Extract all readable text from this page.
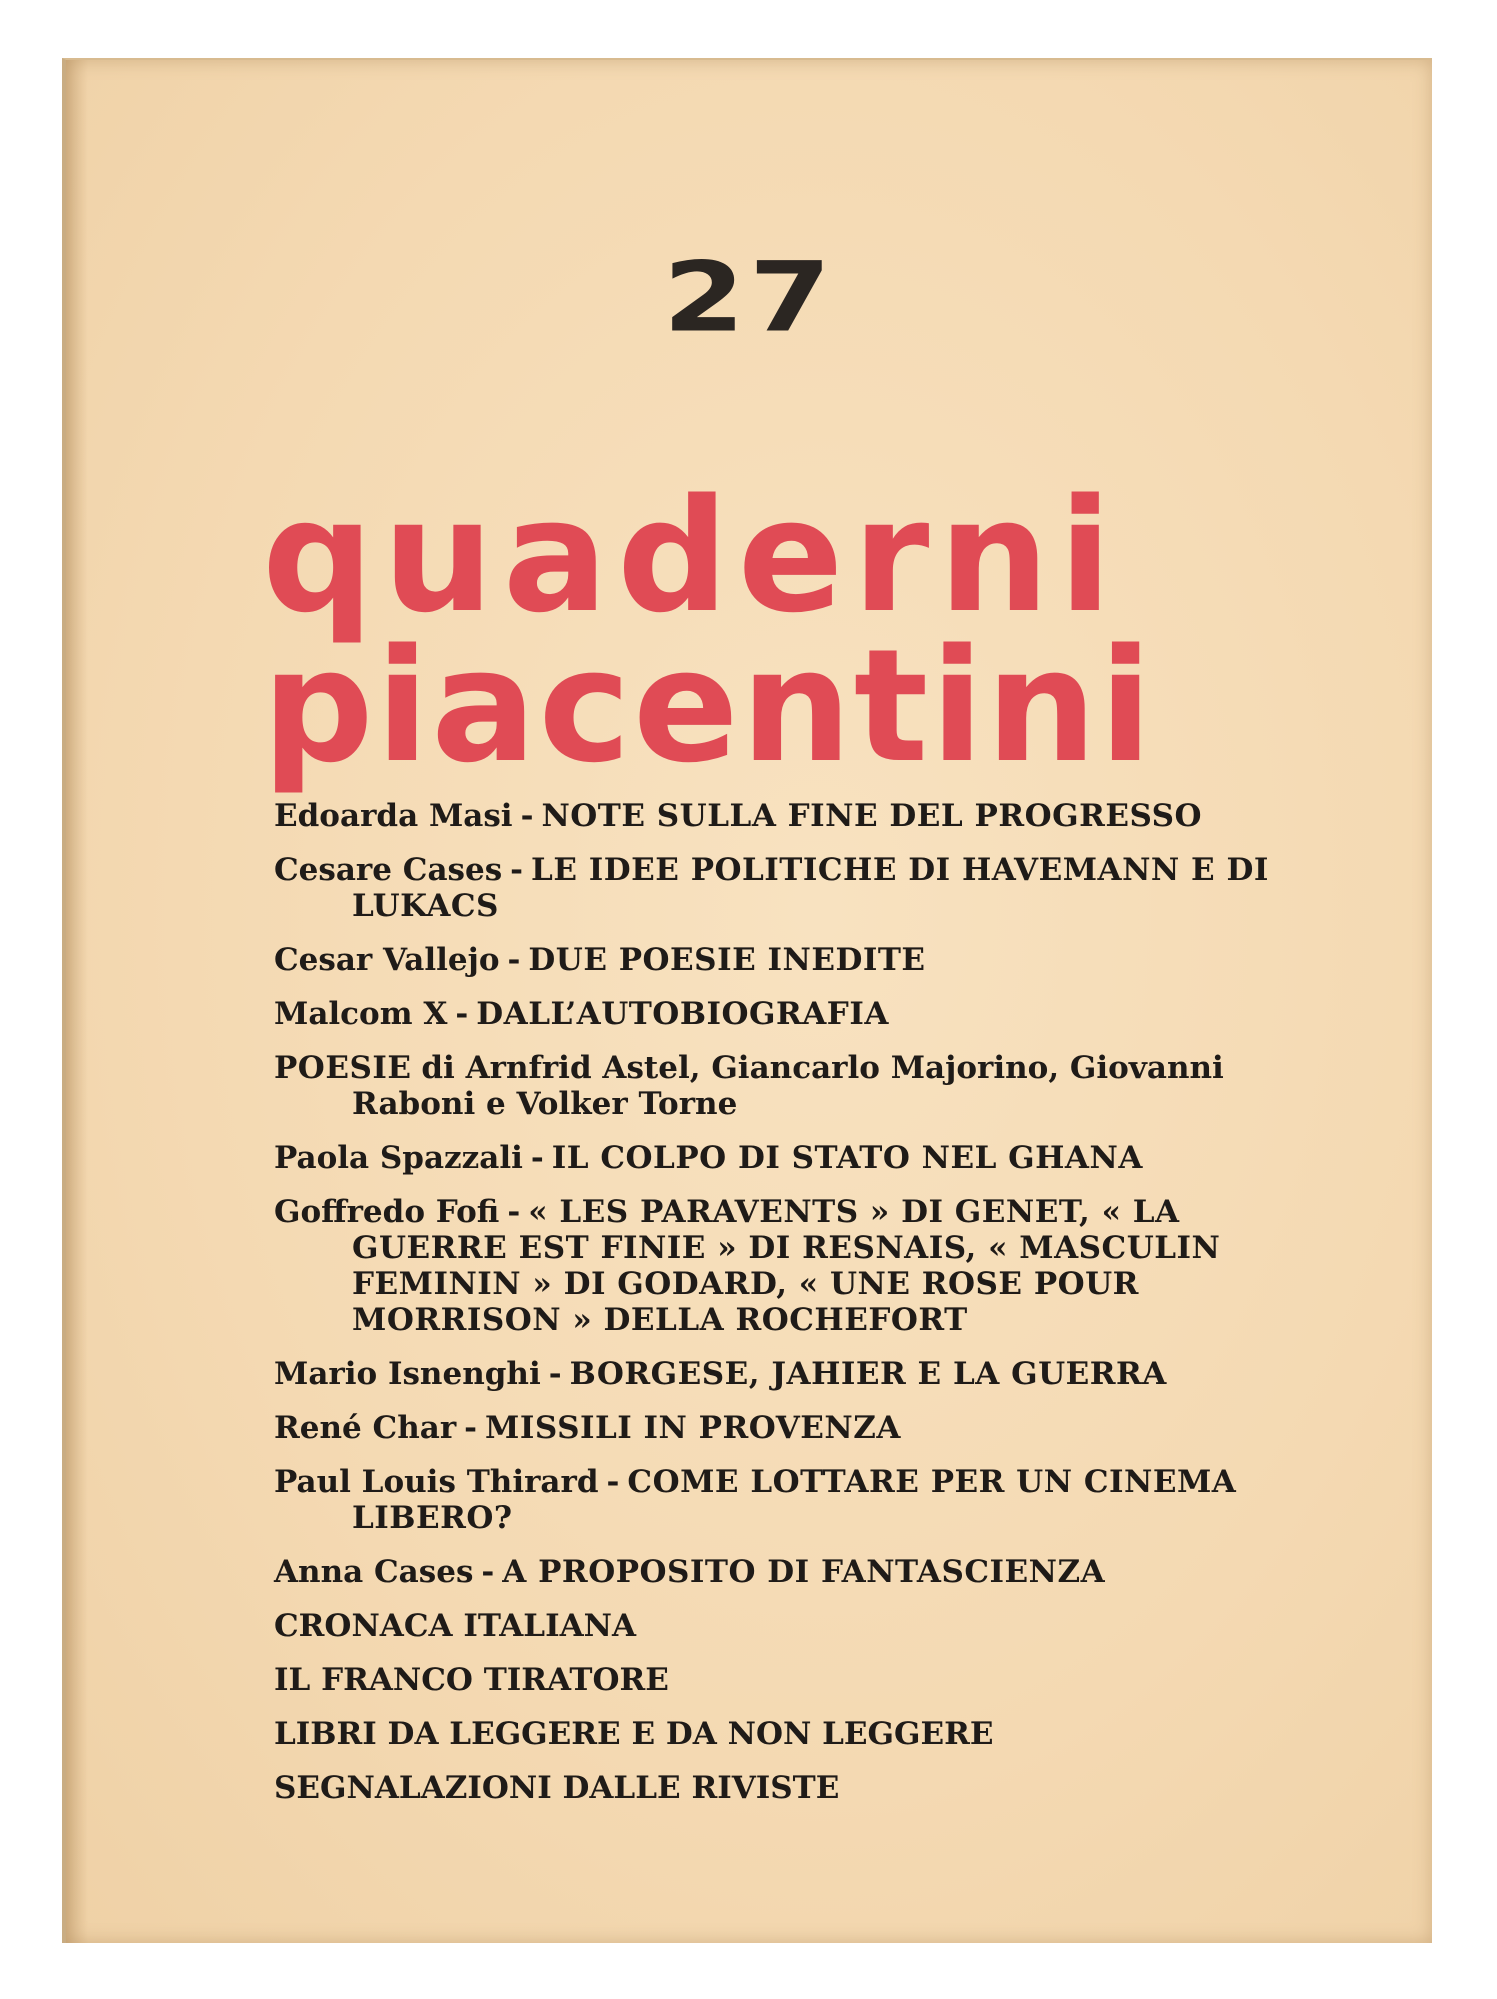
27
quaderni
piacentini
Edoarda Masi - NOTE SULLA FINE DEL PROGRESSO
Cesare Cases - LE IDEE POLITICHE DI HAVEMANN E DI LUKACS
Cesar Vallejo - DUE POESIE INEDITE
Malcom X - DALL’AUTOBIOGRAFIA
POESIE di Arnfrid Astel, Giancarlo Majorino, Giovanni Raboni e Volker Torne
Paola Spazzali - IL COLPO DI STATO NEL GHANA
Goffredo Fofi - « LES PARAVENTS » DI GENET, « LA GUERRE EST FINIE » DI RESNAIS, « MASCULIN FEMININ » DI GODARD, « UNE ROSE POUR MORRISON » DELLA ROCHEFORT
Mario Isnenghi - BORGESE, JAHIER E LA GUERRA
René Char - MISSILI IN PROVENZA
Paul Louis Thirard - COME LOTTARE PER UN CINEMA LIBERO?
Anna Cases - A PROPOSITO DI FANTASCIENZA
CRONACA ITALIANA
IL FRANCO TIRATORE
LIBRI DA LEGGERE E DA NON LEGGERE
SEGNALAZIONI DALLE RIVISTE
